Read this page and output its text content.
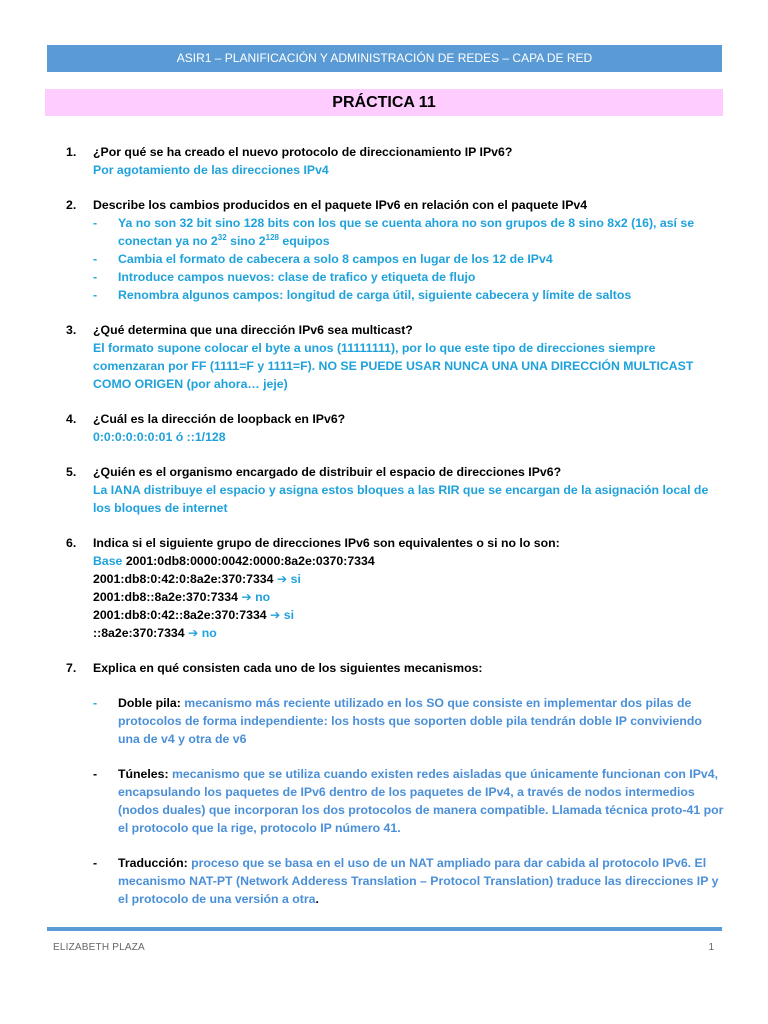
ASIR1 – PLANIFICACIÓN Y ADMINISTRACIÓN DE REDES – CAPA DE RED
PRÁCTICA 11
1. ¿Por qué se ha creado el nuevo protocolo de direccionamiento IP IPv6?
Por agotamiento de las direcciones IPv4
2. Describe los cambios producidos en el paquete IPv6 en relación con el paquete IPv4
- Ya no son 32 bit sino 128 bits con los que se cuenta ahora no son grupos de 8 sino 8x2 (16), así se conectan ya no $2^{32}$ sino $2^{128}$ equipos
- Cambia el formato de cabecera a solo 8 campos en lugar de los 12 de IPv4
- Introduce campos nuevos: clase de trafico y etiqueta de flujo
- Renombra algunos campos: longitud de carga útil, siguiente cabecera y límite de saltos
3. ¿Qué determina que una dirección IPv6 sea multicast?
El formato supone colocar el byte a unos (11111111), por lo que este tipo de direcciones siempre comenzaran por FF (1111=F y 1111=F). NO SE PUEDE USAR NUNCA UNA UNA DIRECCIÓN MULTICAST COMO ORIGEN (por ahora… jeje)
4. ¿Cuál es la dirección de loopback en IPv6?
0:0:0:0:0:0:01 ó ::1/128
5. ¿Quién es el organismo encargado de distribuir el espacio de direcciones IPv6?
La IANA distribuye el espacio y asigna estos bloques a las RIR que se encargan de la asignación local de los bloques de internet
6. Indica si el siguiente grupo de direcciones IPv6 son equivalentes o si no lo son:
Base 2001:0db8:0000:0042:0000:8a2e:0370:7334
2001:db8:0:42:0:8a2e:370:7334 ➔ si
2001:db8::8a2e:370:7334 ➔ no
2001:db8:0:42::8a2e:370:7334 ➔ si
::8a2e:370:7334 ➔ no
7. Explica en qué consisten cada uno de los siguientes mecanismos:
- Doble pila: mecanismo más reciente utilizado en los SO que consiste en implementar dos pilas de protocolos de forma independiente: los hosts que soporten doble pila tendrán doble IP conviviendo una de v4 y otra de v6
- Túneles: mecanismo que se utiliza cuando existen redes aisladas que únicamente funcionan con IPv4, encapsulando los paquetes de IPv6 dentro de los paquetes de IPv4, a través de nodos intermedios (nodos duales) que incorporan los dos protocolos de manera compatible. Llamada técnica proto-41 por el protocolo que la rige, protocolo IP número 41.
- Traducción: proceso que se basa en el uso de un NAT ampliado para dar cabida al protocolo IPv6. El mecanismo NAT-PT (Network Adderess Translation – Protocol Translation) traduce las direcciones IP y el protocolo de una versión a otra.
ELIZABETH PLAZA	1
